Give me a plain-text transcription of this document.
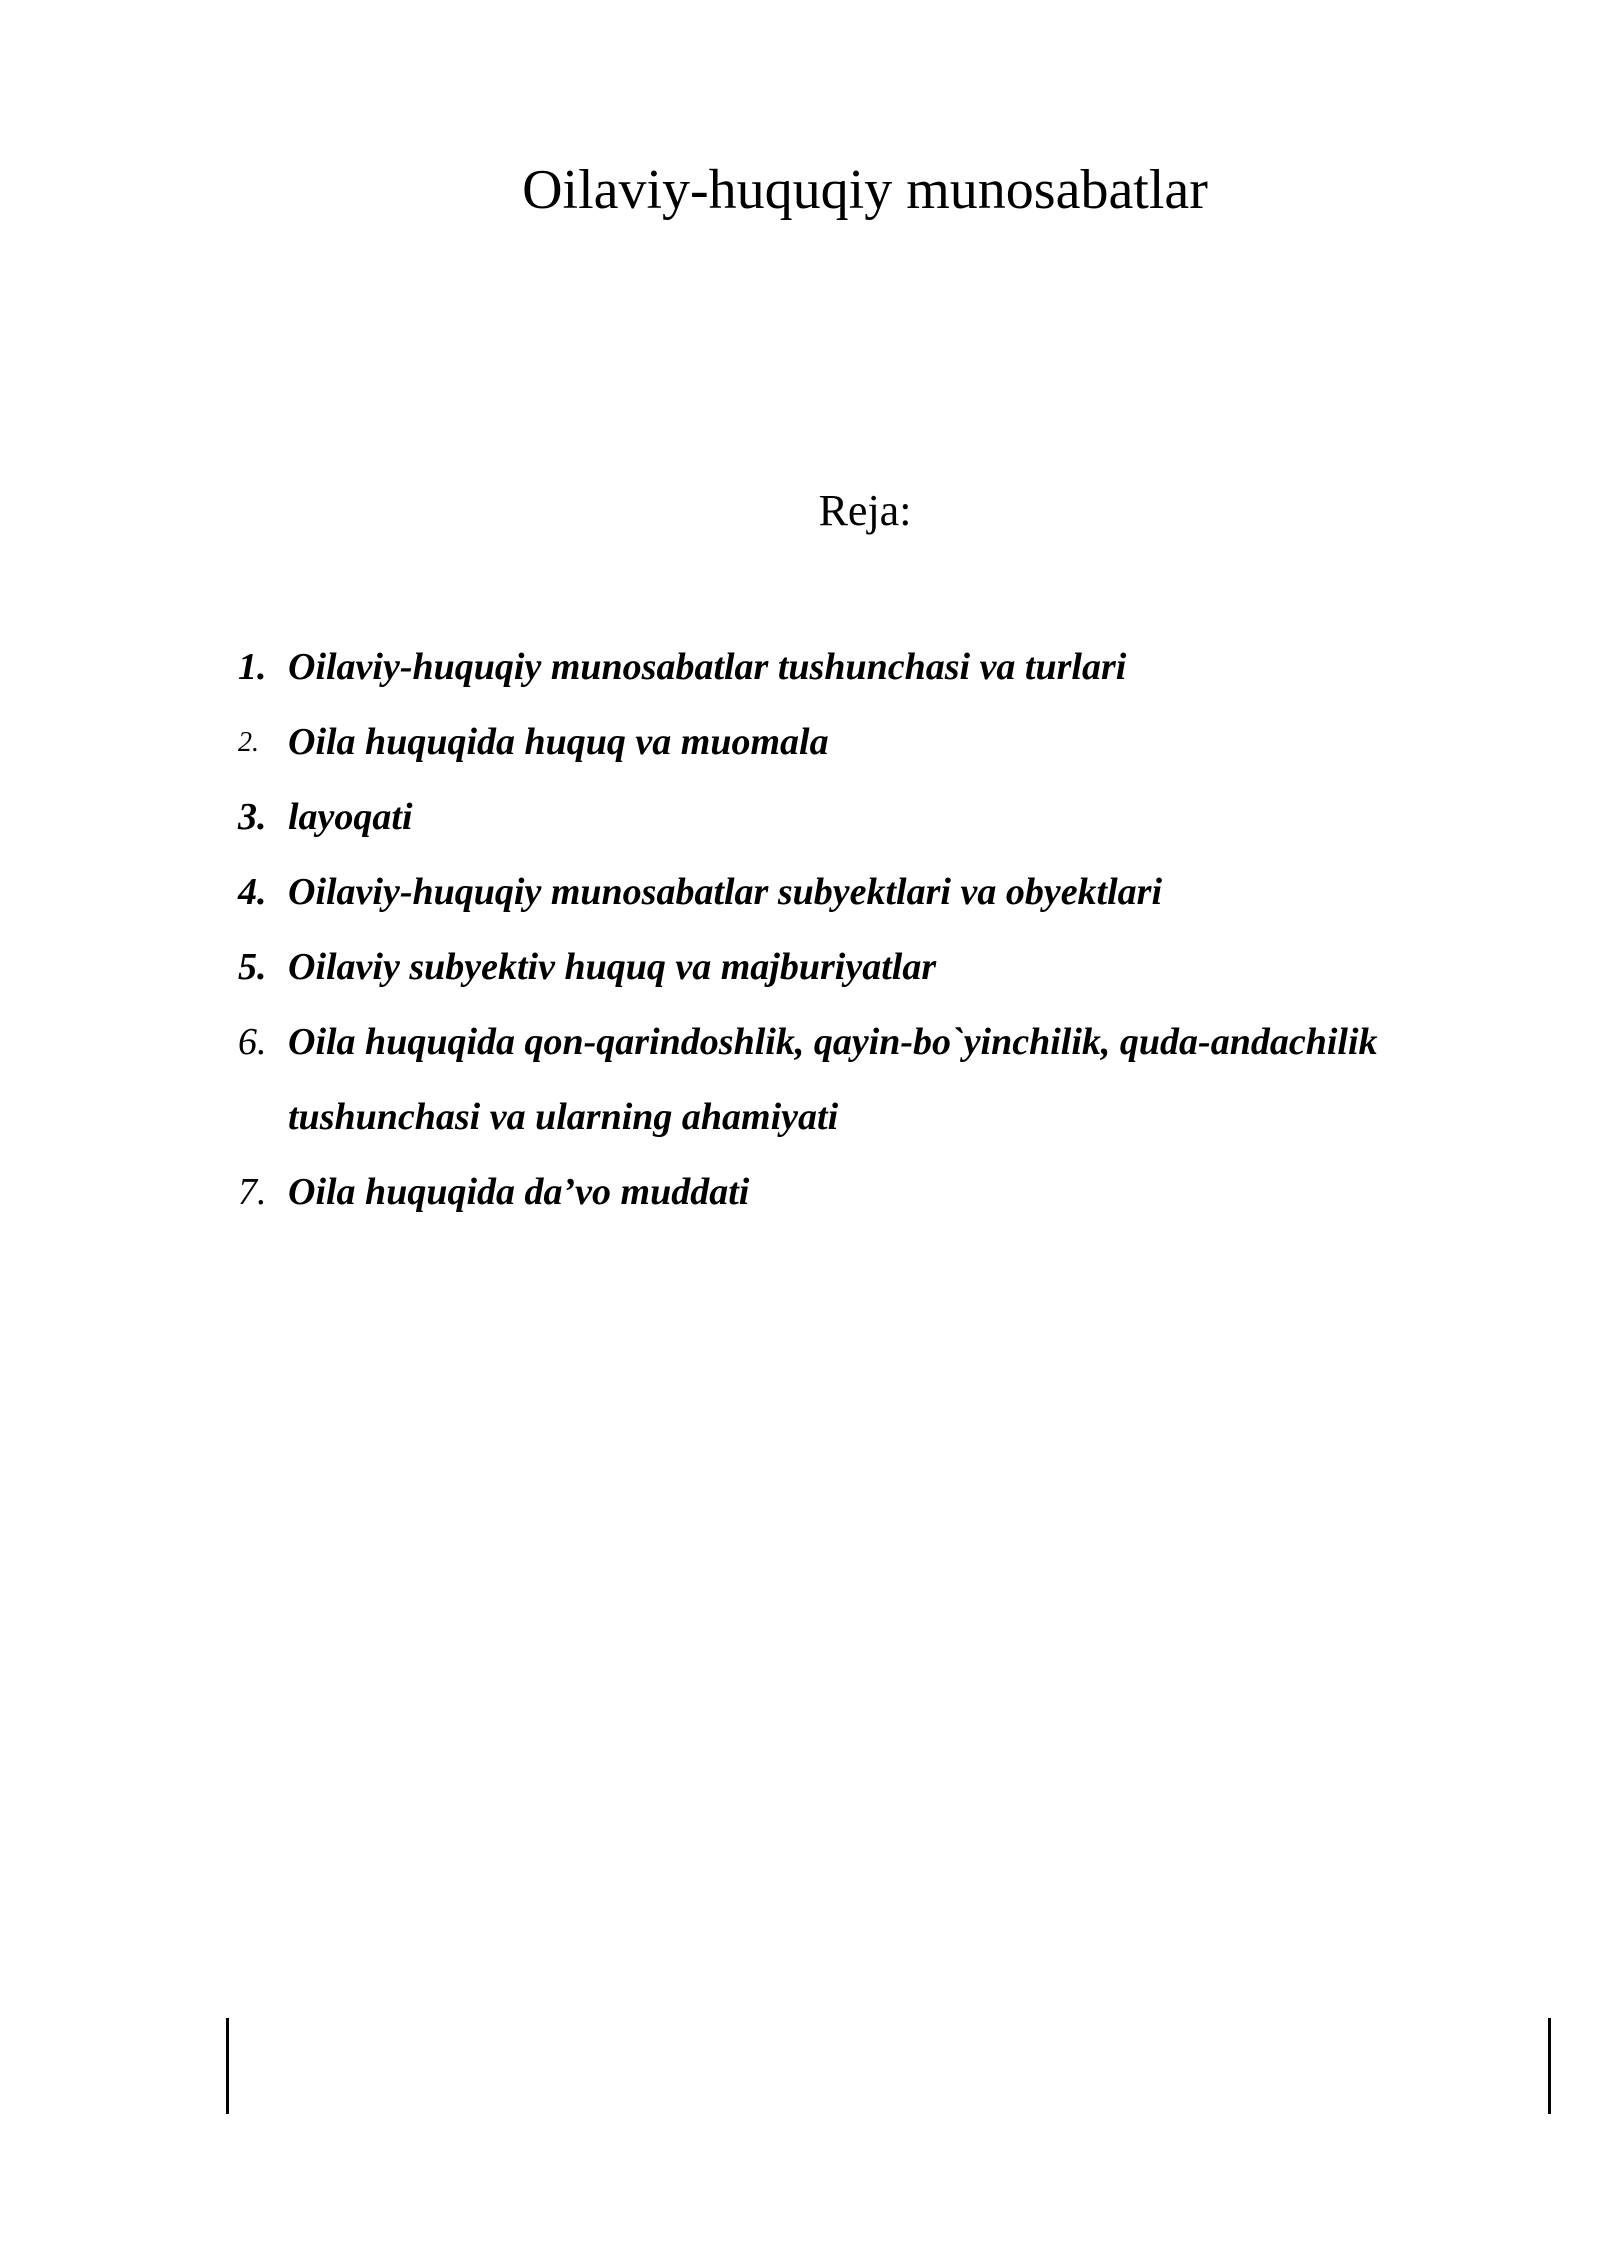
Oilaviy-huquqiy munosabatlar
Reja:
1. Oilaviy-huquqiy munosabatlar tushunchasi va turlari
2. Oila huquqida huquq va muomala
3. layoqati
4. Oilaviy-huquqiy munosabatlar subyektlari va obyektlari
5. Oilaviy subyektiv huquq va majburiyatlar
6. Oila huquqida qon-qarindoshlik, qayin-bo`yinchilik, quda-andachilik tushunchasi va ularning ahamiyati
7. Oila huquqida da’vo muddati
